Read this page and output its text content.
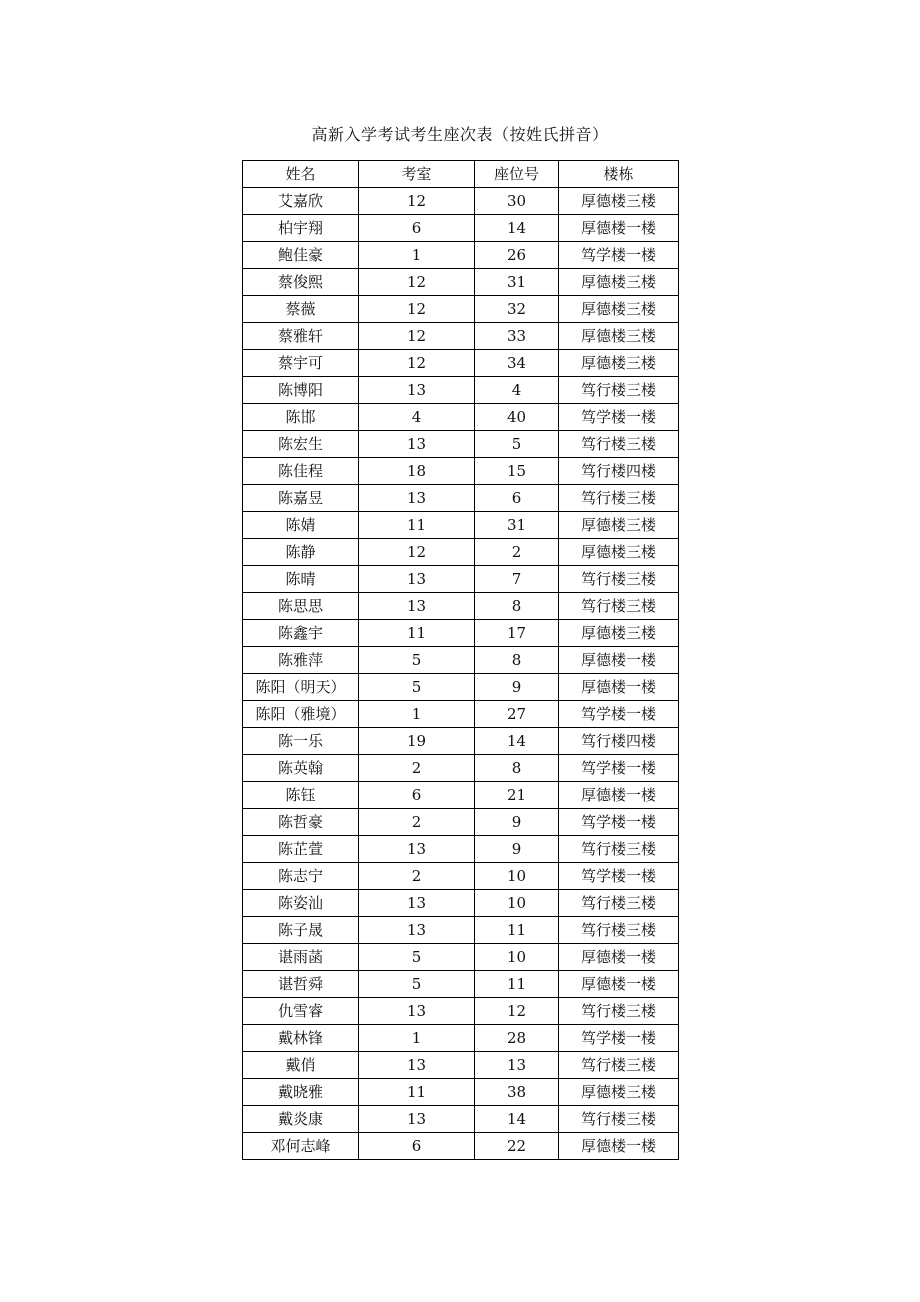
高新入学考试考生座次表（按姓氏拼音）
姓名	考室	座位号	楼栋
艾嘉欣	12	30	厚德楼三楼
柏宇翔	6	14	厚德楼一楼
鲍佳豪	1	26	笃学楼一楼
蔡俊熙	12	31	厚德楼三楼
蔡薇	12	32	厚德楼三楼
蔡雅轩	12	33	厚德楼三楼
蔡宇可	12	34	厚德楼三楼
陈博阳	13	4	笃行楼三楼
陈邯	4	40	笃学楼一楼
陈宏生	13	5	笃行楼三楼
陈佳程	18	15	笃行楼四楼
陈嘉昱	13	6	笃行楼三楼
陈婧	11	31	厚德楼三楼
陈静	12	2	厚德楼三楼
陈晴	13	7	笃行楼三楼
陈思思	13	8	笃行楼三楼
陈鑫宇	11	17	厚德楼三楼
陈雅萍	5	8	厚德楼一楼
陈阳（明天）	5	9	厚德楼一楼
陈阳（雅境）	1	27	笃学楼一楼
陈一乐	19	14	笃行楼四楼
陈英翰	2	8	笃学楼一楼
陈钰	6	21	厚德楼一楼
陈哲豪	2	9	笃学楼一楼
陈芷萱	13	9	笃行楼三楼
陈志宁	2	10	笃学楼一楼
陈姿汕	13	10	笃行楼三楼
陈子晟	13	11	笃行楼三楼
谌雨菡	5	10	厚德楼一楼
谌哲舜	5	11	厚德楼一楼
仇雪睿	13	12	笃行楼三楼
戴林锋	1	28	笃学楼一楼
戴俏	13	13	笃行楼三楼
戴晓雅	11	38	厚德楼三楼
戴炎康	13	14	笃行楼三楼
邓何志峰	6	22	厚德楼一楼
